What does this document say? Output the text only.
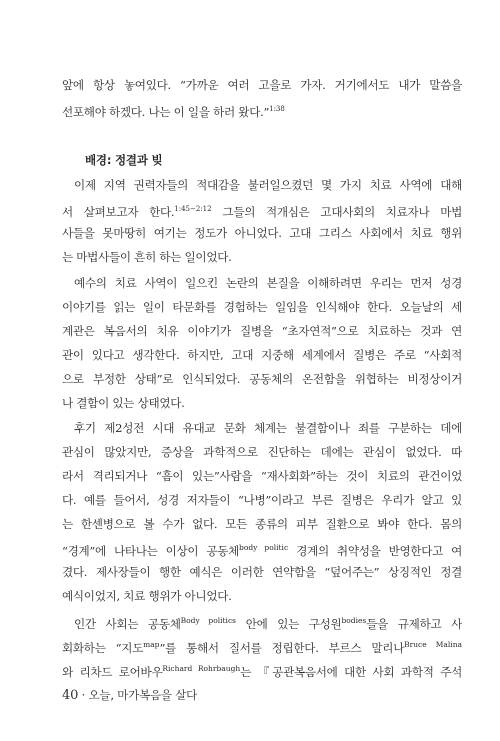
앞에 항상 놓여있다. “가까운 여러 고을로 가자. 거기에서도 내가 말씀을
선포해야 하겠다. 나는 이 일을 하러 왔다.”$^{1:38}$
배경: 정결과 빚
이제 지역 권력자들의 적대감을 불러일으켰던 몇 가지 치료 사역에 대해
서 살펴보고자 한다.$^{1:45-2:12}$ 그들의 적개심은 고대사회의 치료자나 마법
사들을 못마땅히 여기는 정도가 아니었다. 고대 그리스 사회에서 치료 행위
는 마법사들이 흔히 하는 일이었다.
예수의 치료 사역이 일으킨 논란의 본질을 이해하려면 우리는 먼저 성경
이야기를 읽는 일이 타문화를 경험하는 일임을 인식해야 한다. 오늘날의 세
계관은 복음서의 치유 이야기가 질병을 “초자연적”으로 치료하는 것과 연
관이 있다고 생각한다. 하지만, 고대 지중해 세계에서 질병은 주로 “사회적
으로 부정한 상태”로 인식되었다. 공동체의 온전함을 위협하는 비정상이거
나 결함이 있는 상태였다.
후기 제2성전 시대 유대교 문화 체계는 불결함이나 죄를 구분하는 데에
관심이 많았지만, 증상을 과학적으로 진단하는 데에는 관심이 없었다. 따
라서 격리되거나 “흠이 있는”사람을 “재사회화”하는 것이 치료의 관건이었
다. 예를 들어서, 성경 저자들이 “나병”이라고 부른 질병은 우리가 알고 있
는 한센병으로 볼 수가 없다. 모든 종류의 피부 질환으로 봐야 한다. 몸의
“경계”에 나타나는 이상이 공동체$^{body politic}$ 경계의 취약성을 반영한다고 여
겼다. 제사장들이 행한 예식은 이러한 연약함을 “덮어주는” 상징적인 정결
예식이었지, 치료 행위가 아니었다.
인간 사회는 공동체$^{Body politics}$ 안에 있는 구성원$^{bodies}$들을 규제하고 사
회화하는 “지도$^{map}$”를 통해서 질서를 정립한다. 부르스 말리나$^{Bruce Malina}$
와 리차드 로어바우$^{Richard Rohrbaugh}$는 『공관복음서에 대한 사회 과학적 주석
40 · 오늘, 마가복음을 살다
